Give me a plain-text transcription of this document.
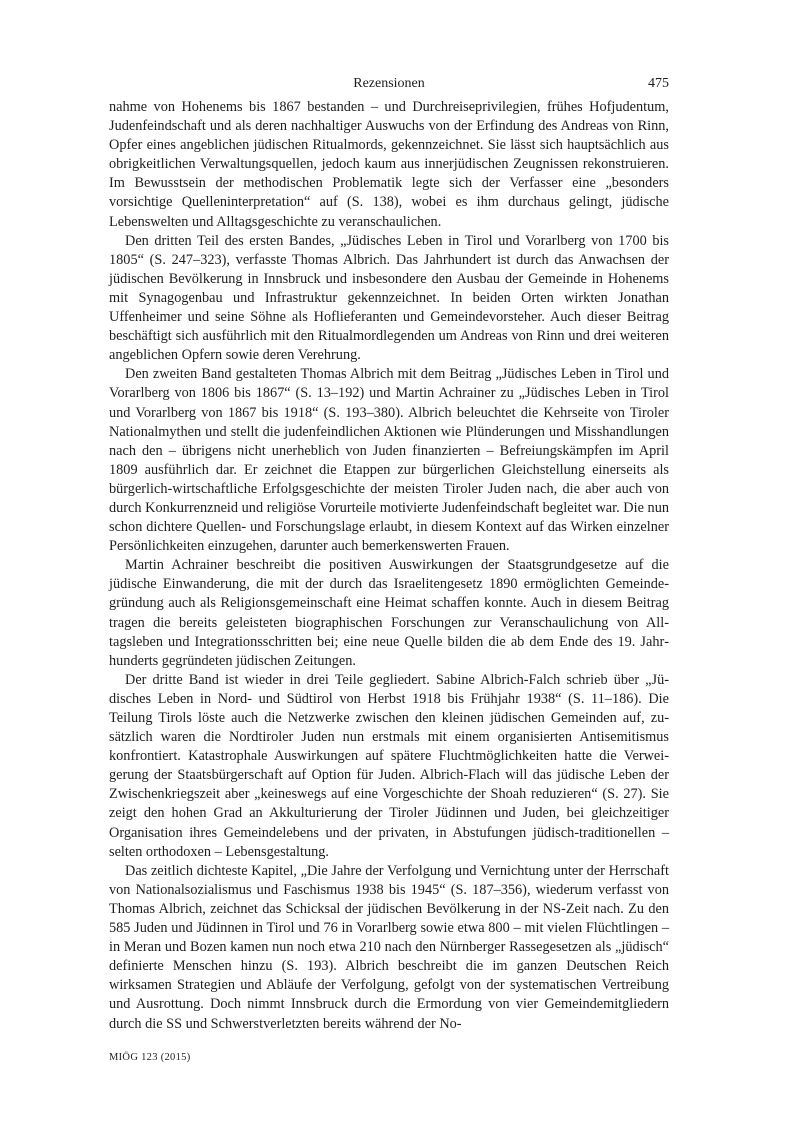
Rezensionen	475

nahme von Hohenems bis 1867 bestanden – und Durchreiseprivilegien, frühes Hofjudentum, Judenfeindschaft und als deren nachhaltiger Auswuchs von der Erfindung des Andreas von Rinn, Opfer eines angeblichen jüdischen Ritualmords, gekennzeichnet. Sie lässt sich hauptsächlich aus obrigkeitlichen Verwaltungsquellen, jedoch kaum aus innerjüdischen Zeugnissen rekonstruieren. Im Bewusstsein der methodischen Problematik legte sich der Verfasser eine „besonders vorsichtige Quelleninterpretation“ auf (S. 138), wobei es ihm durchaus gelingt, jüdische Lebenswelten und Alltagsgeschichte zu veranschaulichen.

Den dritten Teil des ersten Bandes, „Jüdisches Leben in Tirol und Vorarlberg von 1700 bis 1805“ (S. 247–323), verfasste Thomas Albrich. Das Jahrhundert ist durch das Anwachsen der jüdischen Bevölkerung in Innsbruck und insbesondere den Ausbau der Gemeinde in Hohenems mit Synagogenbau und Infrastruktur gekennzeichnet. In beiden Orten wirkten Jonathan Uffenheimer und seine Söhne als Hoflieferanten und Gemeindevorsteher. Auch dieser Beitrag beschäftigt sich ausführlich mit den Ritualmordlegenden um Andreas von Rinn und drei weiteren angeblichen Opfern sowie deren Verehrung.

Den zweiten Band gestalteten Thomas Albrich mit dem Beitrag „Jüdisches Leben in Tirol und Vorarlberg von 1806 bis 1867“ (S. 13–192) und Martin Achrainer zu „Jüdisches Leben in Tirol und Vorarlberg von 1867 bis 1918“ (S. 193–380). Albrich beleuchtet die Kehrseite von Tiroler Nationalmythen und stellt die judenfeindlichen Aktionen wie Plünderungen und Misshandlungen nach den – übrigens nicht unerheblich von Juden finanzierten – Befreiungskämpfen im April 1809 ausführlich dar. Er zeichnet die Etappen zur bürgerlichen Gleichstellung einerseits als bürgerlich-wirtschaftliche Erfolgsgeschichte der meisten Tiroler Juden nach, die aber auch von durch Konkurrenzneid und religiöse Vorurteile motivierte Judenfeindschaft begleitet war. Die nun schon dichtere Quellen- und Forschungslage erlaubt, in diesem Kontext auf das Wirken einzelner Persönlichkeiten einzugehen, darunter auch bemerkenswerten Frauen.

Martin Achrainer beschreibt die positiven Auswirkungen der Staatsgrundgesetze auf die jüdische Einwanderung, die mit der durch das Israelitengesetz 1890 ermöglichten Gemeindegründung auch als Religionsgemeinschaft eine Heimat schaffen konnte. Auch in diesem Beitrag tragen die bereits geleisteten biographischen Forschungen zur Veranschaulichung von Alltagsleben und Integrationsschritten bei; eine neue Quelle bilden die ab dem Ende des 19. Jahrhunderts gegründeten jüdischen Zeitungen.

Der dritte Band ist wieder in drei Teile gegliedert. Sabine Albrich-Falch schrieb über „Jüdisches Leben in Nord- und Südtirol von Herbst 1918 bis Frühjahr 1938“ (S. 11–186). Die Teilung Tirols löste auch die Netzwerke zwischen den kleinen jüdischen Gemeinden auf, zusätzlich waren die Nordtiroler Juden nun erstmals mit einem organisierten Antisemitismus konfrontiert. Katastrophale Auswirkungen auf spätere Fluchtmöglichkeiten hatte die Verweigerung der Staatsbürgerschaft auf Option für Juden. Albrich-Flach will das jüdische Leben der Zwischenkriegszeit aber „keineswegs auf eine Vorgeschichte der Shoah reduzieren“ (S. 27). Sie zeigt den hohen Grad an Akkulturierung der Tiroler Jüdinnen und Juden, bei gleichzeitiger Organisation ihres Gemeindelebens und der privaten, in Abstufungen jüdisch-traditionellen – selten orthodoxen – Lebensgestaltung.

Das zeitlich dichteste Kapitel, „Die Jahre der Verfolgung und Vernichtung unter der Herrschaft von Nationalsozialismus und Faschismus 1938 bis 1945“ (S. 187–356), wiederum verfasst von Thomas Albrich, zeichnet das Schicksal der jüdischen Bevölkerung in der NS-Zeit nach. Zu den 585 Juden und Jüdinnen in Tirol und 76 in Vorarlberg sowie etwa 800 – mit vielen Flüchtlingen – in Meran und Bozen kamen nun noch etwa 210 nach den Nürnberger Rassegesetzen als „jüdisch“ definierte Menschen hinzu (S. 193). Albrich beschreibt die im ganzen Deutschen Reich wirksamen Strategien und Abläufe der Verfolgung, gefolgt von der systematischen Vertreibung und Ausrottung. Doch nimmt Innsbruck durch die Ermordung von vier Gemeindemitgliedern durch die SS und Schwerstverletzten bereits während der No-

MIÖG 123 (2015)
